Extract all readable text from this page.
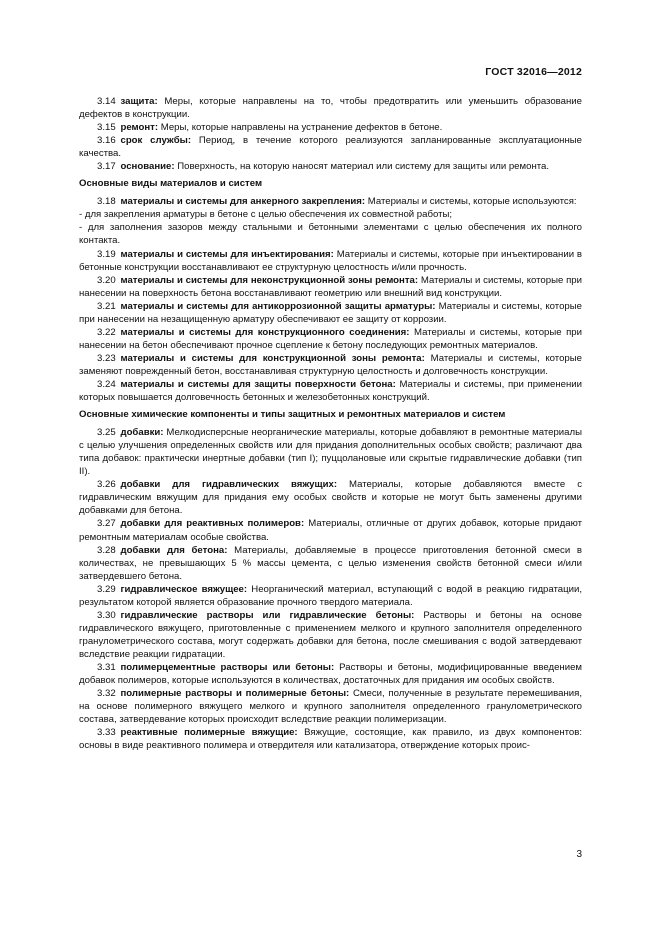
ГОСТ 32016—2012

3.14 защита: Меры, которые направлены на то, чтобы предотвратить или уменьшить образование дефектов в конструкции.

3.15 ремонт: Меры, которые направлены на устранение дефектов в бетоне.

3.16 срок службы: Период, в течение которого реализуются запланированные эксплуатационные качества.

3.17 основание: Поверхность, на которую наносят материал или систему для защиты или ремонта.

Основные виды материалов и систем

3.18 материалы и системы для анкерного закрепления: Материалы и системы, которые используются:

- для закрепления арматуры в бетоне с целью обеспечения их совместной работы;

- для заполнения зазоров между стальными и бетонными элементами с целью обеспечения их полного контакта.

3.19 материалы и системы для инъектирования: Материалы и системы, которые при инъектировании в бетонные конструкции восстанавливают ее структурную целостность и/или прочность.

3.20 материалы и системы для неконструкционной зоны ремонта: Материалы и системы, которые при нанесении на поверхность бетона восстанавливают геометрию или внешний вид конструкции.

3.21 материалы и системы для антикоррозионной защиты арматуры: Материалы и системы, которые при нанесении на незащищенную арматуру обеспечивают ее защиту от коррозии.

3.22 материалы и системы для конструкционного соединения: Материалы и системы, которые при нанесении на бетон обеспечивают прочное сцепление к бетону последующих ремонтных материалов.

3.23 материалы и системы для конструкционной зоны ремонта: Материалы и системы, которые заменяют поврежденный бетон, восстанавливая структурную целостность и долговечность конструкции.

3.24 материалы и системы для защиты поверхности бетона: Материалы и системы, при применении которых повышается долговечность бетонных и железобетонных конструкций.

Основные химические компоненты и типы защитных и ремонтных материалов и систем

3.25 добавки: Мелкодисперсные неорганические материалы, которые добавляют в ремонтные материалы с целью улучшения определенных свойств или для придания дополнительных особых свойств; различают два типа добавок: практически инертные добавки (тип I); пуццолановые или скрытые гидравлические добавки (тип II).

3.26 добавки для гидравлических вяжущих: Материалы, которые добавляются вместе с гидравлическим вяжущим для придания ему особых свойств и которые не могут быть заменены другими добавками для бетона.

3.27 добавки для реактивных полимеров: Материалы, отличные от других добавок, которые придают ремонтным материалам особые свойства.

3.28 добавки для бетона: Материалы, добавляемые в процессе приготовления бетонной смеси в количествах, не превышающих 5 % массы цемента, с целью изменения свойств бетонной смеси и/или затвердевшего бетона.

3.29 гидравлическое вяжущее: Неорганический материал, вступающий с водой в реакцию гидратации, результатом которой является образование прочного твердого материала.

3.30 гидравлические растворы или гидравлические бетоны: Растворы и бетоны на основе гидравлического вяжущего, приготовленные с применением мелкого и крупного заполнителя определенного гранулометрического состава, могут содержать добавки для бетона, после смешивания с водой затвердевают вследствие реакции гидратации.

3.31 полимерцементные растворы или бетоны: Растворы и бетоны, модифицированные введением добавок полимеров, которые используются в количествах, достаточных для придания им особых свойств.

3.32 полимерные растворы и полимерные бетоны: Смеси, полученные в результате перемешивания, на основе полимерного вяжущего мелкого и крупного заполнителя определенного гранулометрического состава, затвердевание которых происходит вследствие реакции полимеризации.

3.33 реактивные полимерные вяжущие: Вяжущие, состоящие, как правило, из двух компонентов: основы в виде реактивного полимера и отвердителя или катализатора, отверждение которых проис-

3
